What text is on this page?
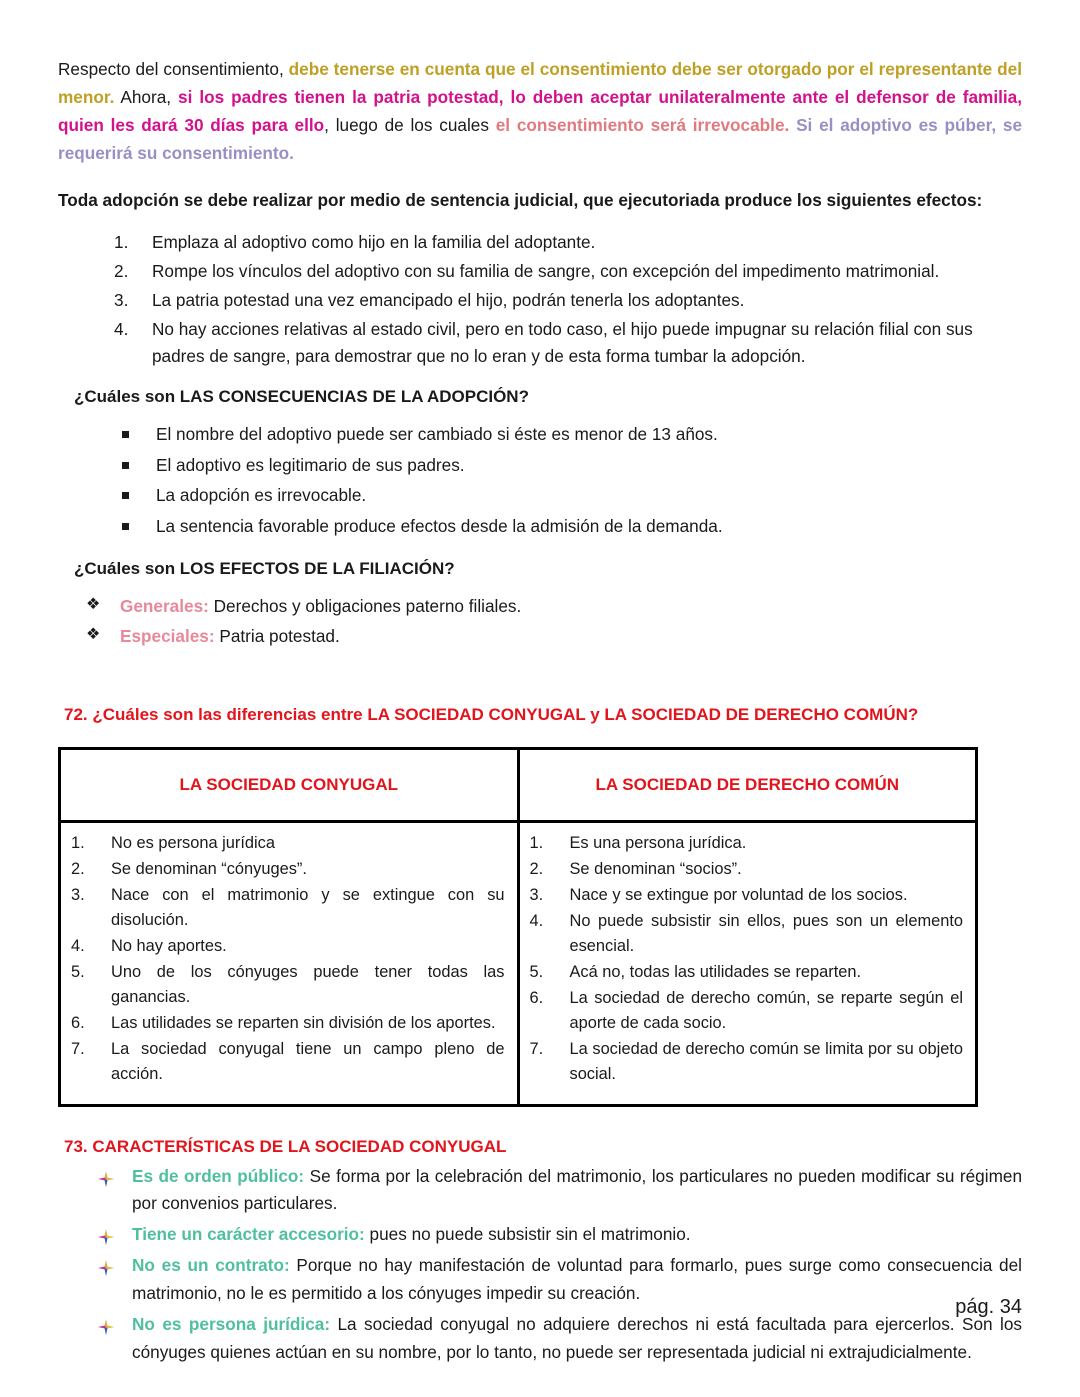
Respecto del consentimiento, debe tenerse en cuenta que el consentimiento debe ser otorgado por el representante del menor. Ahora, si los padres tienen la patria potestad, lo deben aceptar unilateralmente ante el defensor de familia, quien les dará 30 días para ello, luego de los cuales el consentimiento será irrevocable. Si el adoptivo es púber, se requerirá su consentimiento.

Toda adopción se debe realizar por medio de sentencia judicial, que ejecutoriada produce los siguientes efectos:

Emplaza al adoptivo como hijo en la familia del adoptante.
Rompe los vínculos del adoptivo con su familia de sangre, con excepción del impedimento matrimonial.
La patria potestad una vez emancipado el hijo, podrán tenerla los adoptantes.
No hay acciones relativas al estado civil, pero en todo caso, el hijo puede impugnar su relación filial con sus padres de sangre, para demostrar que no lo eran y de esta forma tumbar la adopción.

¿Cuáles son LAS CONSECUENCIAS DE LA ADOPCIÓN?

El nombre del adoptivo puede ser cambiado si éste es menor de 13 años.
El adoptivo es legitimario de sus padres.
La adopción es irrevocable.
La sentencia favorable produce efectos desde la admisión de la demanda.

¿Cuáles son LOS EFECTOS DE LA FILIACIÓN?

❖ Generales: Derechos y obligaciones paterno filiales.
❖ Especiales: Patria potestad.

72. ¿Cuáles son las diferencias entre LA SOCIEDAD CONYUGAL y LA SOCIEDAD DE DERECHO COMÚN?

LA SOCIEDAD CONYUGAL	LA SOCIEDAD DE DERECHO COMÚN

No es persona jurídica
Se denominan “cónyuges”.
Nace con el matrimonio y se extingue con su disolución.
No hay aportes.
Uno de los cónyuges puede tener todas las ganancias.
Las utilidades se reparten sin división de los aportes.
La sociedad conyugal tiene un campo pleno de acción.

Es una persona jurídica.
Se denominan “socios”.
Nace y se extingue por voluntad de los socios.
No puede subsistir sin ellos, pues son un elemento esencial.
Acá no, todas las utilidades se reparten.
La sociedad de derecho común, se reparte según el aporte de cada socio.
La sociedad de derecho común se limita por su objeto social.

73. CARACTERÍSTICAS DE LA SOCIEDAD CONYUGAL

Es de orden público: Se forma por la celebración del matrimonio, los particulares no pueden modificar su régimen por convenios particulares.
Tiene un carácter accesorio: pues no puede subsistir sin el matrimonio.
No es un contrato: Porque no hay manifestación de voluntad para formarlo, pues surge como consecuencia del matrimonio, no le es permitido a los cónyuges impedir su creación.
No es persona jurídica: La sociedad conyugal no adquiere derechos ni está facultada para ejercerlos. Son los cónyuges quienes actúan en su nombre, por lo tanto, no puede ser representada judicial ni extrajudicialmente.
pág. 34
